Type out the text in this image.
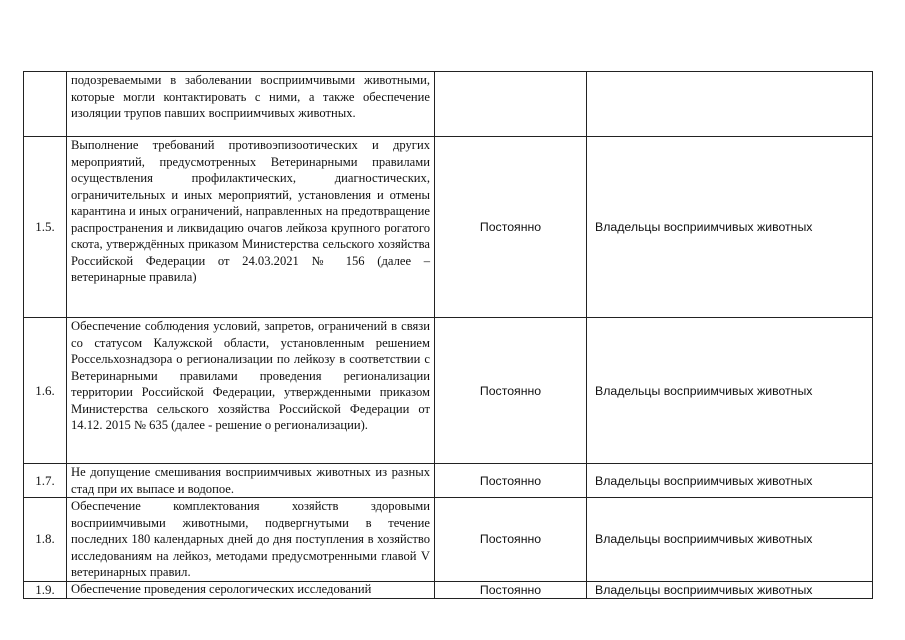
	подозреваемыми в заболевании восприимчивыми животными, которые могли контактировать с ними, а также обеспечение изоляции трупов павших восприимчивых животных.		

1.5.	Выполнение требований противоэпизоотических и других мероприятий, предусмотренных Ветеринарными правилами осуществления профилактических, диагностических, ограничительных и иных мероприятий, установления и отмены карантина и иных ограничений, направленных на предотвращение распространения и ликвидацию очагов лейкоза крупного рогатого скота, утверждённых приказом Министерства сельского хозяйства Российской Федерации от 24.03.2021 № 156 (далее – ветеринарные правила)	Постоянно	Владельцы восприимчивых животных
1.6.	Обеспечение соблюдения условий, запретов, ограничений в связи со статусом Калужской области, установленным решением Россельхознадзора о регионализации по лейкозу в соответствии с Ветеринарными правилами проведения регионализации территории Российской Федерации, утвержденными приказом Министерства сельского хозяйства Российской Федерации от 14.12. 2015 № 635 (далее - решение о регионализации).	Постоянно	Владельцы восприимчивых животных
1.7.	Не допущение смешивания восприимчивых животных из разных стад при их выпасе и водопое.	Постоянно	Владельцы восприимчивых животных
1.8.	Обеспечение комплектования хозяйств здоровыми восприимчивыми животными, подвергнутыми в течение последних 180 календарных дней до дня поступления в хозяйство исследованиям на лейкоз, методами предусмотренными главой V ветеринарных правил.	Постоянно	Владельцы восприимчивых животных
1.9.	Обеспечение проведения серологических исследований	Постоянно	Владельцы восприимчивых животных
